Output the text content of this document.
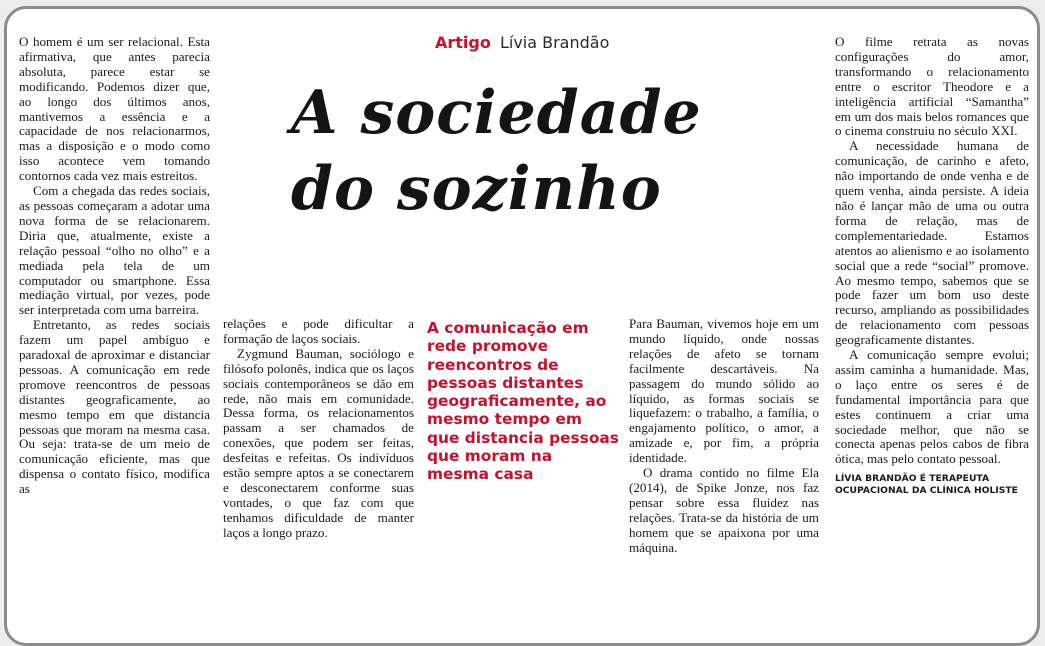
Artigo Lívia Brandão
A sociedade
do sozinho

O homem é um ser relacional. Esta afirmativa, que antes parecia absoluta, parece estar se modificando. Podemos dizer que, ao longo dos últimos anos, mantivemos a essência e a capacidade de nos relacionarmos, mas a disposição e o modo como isso acontece vem tomando contornos cada vez mais estreitos.

Com a chegada das redes sociais, as pessoas começaram a adotar uma nova forma de se relacionarem. Diria que, atualmente, existe a relação pessoal “olho no olho” e a mediada pela tela de um computador ou smartphone. Essa mediação virtual, por vezes, pode ser interpretada com uma barreira.

Entretanto, as redes sociais fazem um papel ambíguo e paradoxal de aproximar e distanciar pessoas. A comunicação em rede promove reencontros de pessoas distantes geograficamente, ao mesmo tempo em que distancia pessoas que moram na mesma casa. Ou seja: trata-se de um meio de comunicação eficiente, mas que dispensa o contato físico, modifica as

relações e pode dificultar a formação de laços sociais.

Zygmund Bauman, sociólogo e filósofo polonês, indica que os laços sociais contemporâneos se dão em rede, não mais em comunidade. Dessa forma, os relacionamentos passam a ser chamados de conexões, que podem ser feitas, desfeitas e refeitas. Os indivíduos estão sempre aptos a se conectarem e desconectarem conforme suas vontades, o que faz com que tenhamos dificuldade de manter laços a longo prazo.

A comunicação em rede promove reencontros de pessoas distantes geograficamente, ao mesmo tempo em que distancia pessoas que moram na mesma casa

Para Bauman, vivemos hoje em um mundo líquido, onde nossas relações de afeto se tornam facilmente descartáveis. Na passagem do mundo sólido ao líquido, as formas sociais se liquefazem: o trabalho, a família, o engajamento político, o amor, a amizade e, por fim, a própria identidade.

O drama contido no filme Ela (2014), de Spike Jonze, nos faz pensar sobre essa fluidez nas relações. Trata-se da história de um homem que se apaixona por uma máquina.

O filme retrata as novas configurações do amor, transformando o relacionamento entre o escritor Theodore e a inteligência artificial “Samantha” em um dos mais belos romances que o cinema construiu no século XXI.

A necessidade humana de comunicação, de carinho e afeto, não importando de onde venha e de quem venha, ainda persiste. A ideia não é lançar mão de uma ou outra forma de relação, mas de complementariedade. Estamos atentos ao alienismo e ao isolamento social que a rede “social” promove. Ao mesmo tempo, sabemos que se pode fazer um bom uso deste recurso, ampliando as possibilidades de relacionamento com pessoas geograficamente distantes.

A comunicação sempre evolui; assim caminha a humanidade. Mas, o laço entre os seres é de fundamental importância para que estes continuem a criar uma sociedade melhor, que não se conecta apenas pelos cabos de fibra ótica, mas pelo contato pessoal.

LÍVIA BRANDÃO É TERAPEUTA OCUPACIONAL DA CLÍNICA HOLISTE
